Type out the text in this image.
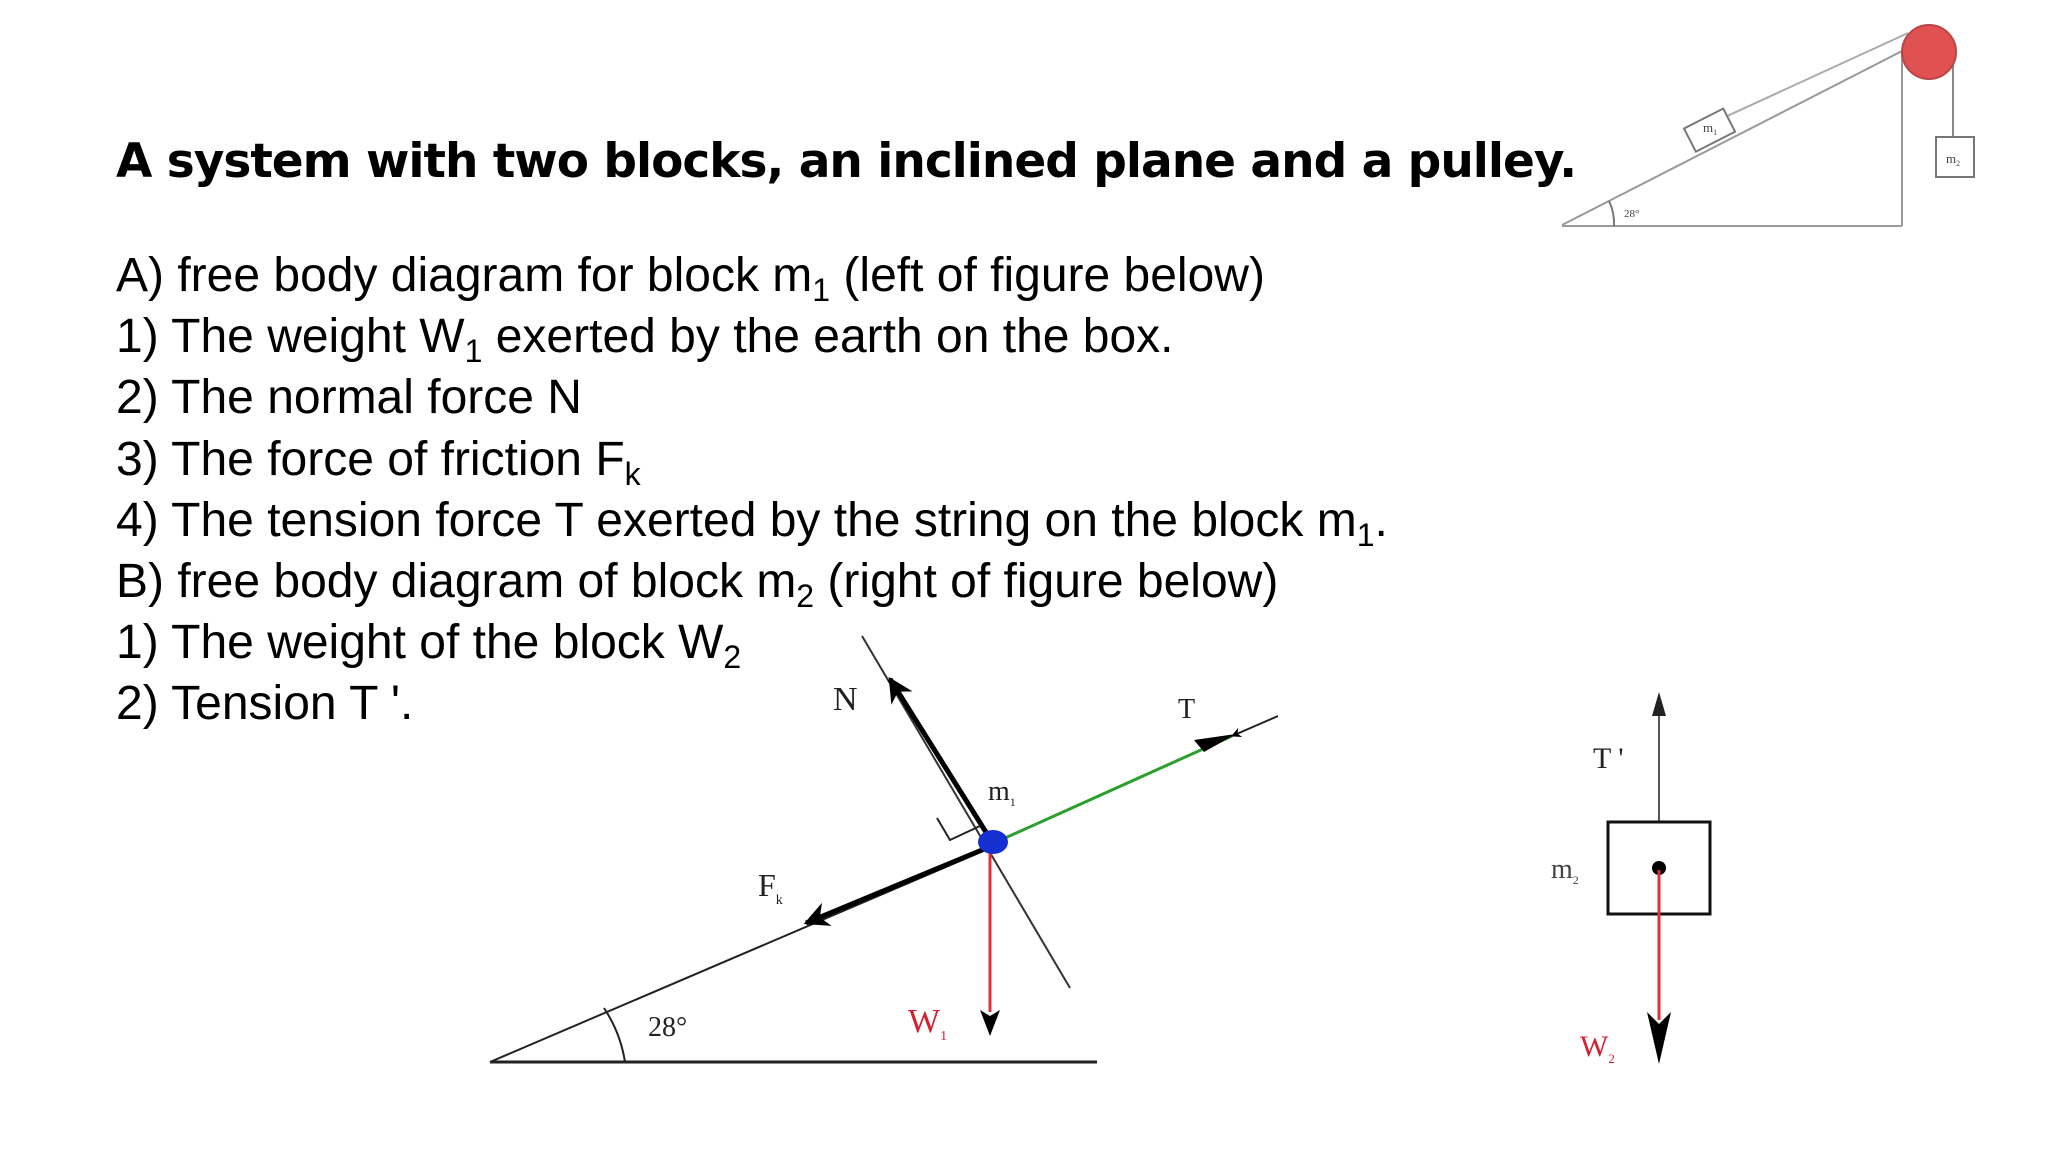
A system with two blocks, an inclined plane and a pulley.
A) free body diagram for block $m_1$ (left of figure below)
1) The weight $W_1$ exerted by the earth on the box.
2) The normal force N
3) The force of friction $F_k$
4) The tension force T exerted by the string on the block $m_1$.
B) free body diagram of block $m_2$ (right of figure below)
1) The weight of the block $W_2$
2) Tension T '.
28°
$m_1$
$m_2$
28°
N	T
$F_k$
$W_1$
$m_1$
T '
$m_2$
$W_2$
